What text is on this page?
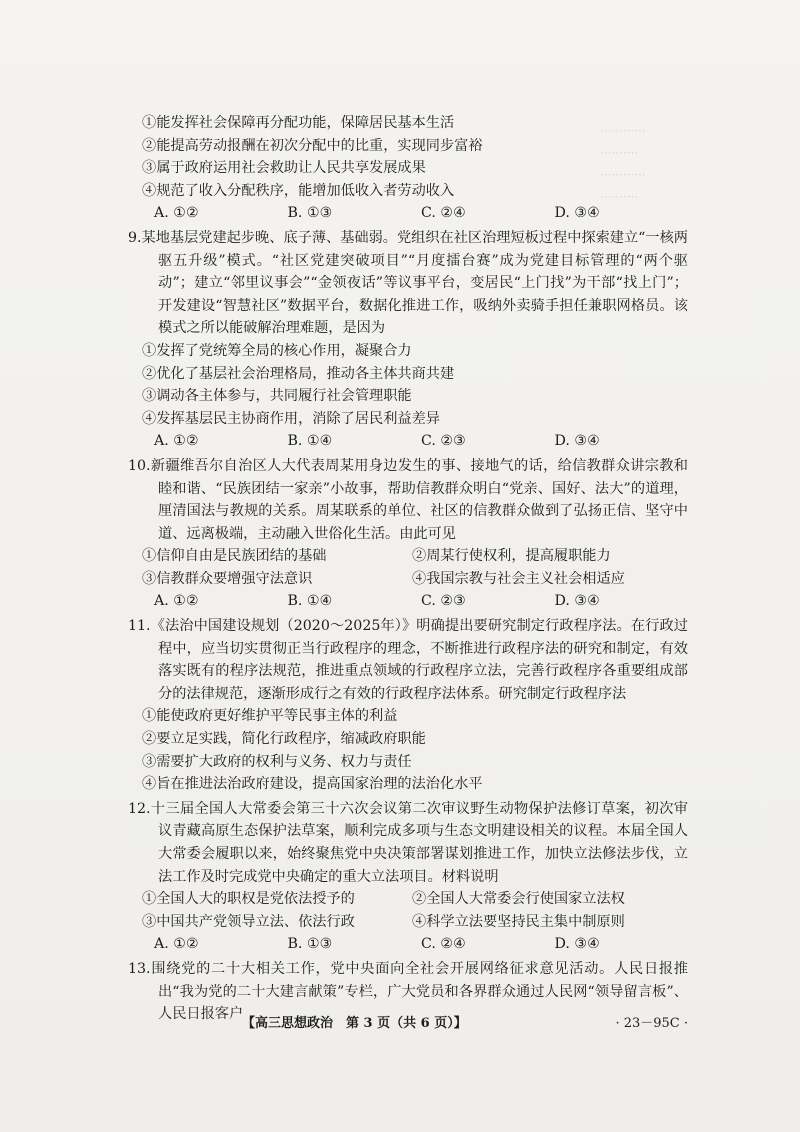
············
··········
············
··········
①能发挥社会保障再分配功能，保障居民基本生活
②能提高劳动报酬在初次分配中的比重，实现同步富裕
③属于政府运用社会救助让人民共享发展成果
④规范了收入分配秩序，能增加低收入者劳动收入
A. ①②	B. ①③	C. ②④	D. ③④
9.某地基层党建起步晚、底子薄、基础弱。党组织在社区治理短板过程中探索建立“一核两驱五升级”模式。“社区党建突破项目”“月度擂台赛”成为党建目标管理的“两个驱动”；建立“邻里议事会”“金领夜话”等议事平台，变居民“上门找”为干部“找上门”；开发建设“智慧社区”数据平台，数据化推进工作，吸纳外卖骑手担任兼职网格员。该模式之所以能破解治理难题，是因为
①发挥了党统筹全局的核心作用，凝聚合力
②优化了基层社会治理格局，推动各主体共商共建
③调动各主体参与，共同履行社会管理职能
④发挥基层民主协商作用，消除了居民利益差异
A. ①②	B. ①④	C. ②③	D. ③④
10.新疆维吾尔自治区人大代表周某用身边发生的事、接地气的话，给信教群众讲宗教和睦和谐、“民族团结一家亲”小故事，帮助信教群众明白“党亲、国好、法大”的道理，厘清国法与教规的关系。周某联系的单位、社区的信教群众做到了弘扬正信、坚守中道、远离极端，主动融入世俗化生活。由此可见
①信仰自由是民族团结的基础	②周某行使权利，提高履职能力
③信教群众要增强守法意识	④我国宗教与社会主义社会相适应
A. ①②	B. ①④	C. ②③	D. ③④
11.《法治中国建设规划（2020～2025年）》明确提出要研究制定行政程序法。在行政过程中，应当切实贯彻正当行政程序的理念，不断推进行政程序法的研究和制定，有效落实既有的程序法规范，推进重点领域的行政程序立法，完善行政程序各重要组成部分的法律规范，逐渐形成行之有效的行政程序法体系。研究制定行政程序法
①能使政府更好维护平等民事主体的利益
②要立足实践，简化行政程序，缩减政府职能
③需要扩大政府的权利与义务、权力与责任
④旨在推进法治政府建设，提高国家治理的法治化水平
12.十三届全国人大常委会第三十六次会议第二次审议野生动物保护法修订草案，初次审议青藏高原生态保护法草案，顺利完成多项与生态文明建设相关的议程。本届全国人大常委会履职以来，始终聚焦党中央决策部署谋划推进工作，加快立法修法步伐，立法工作及时完成党中央确定的重大立法项目。材料说明
①全国人大的职权是党依法授予的	②全国人大常委会行使国家立法权
③中国共产党领导立法、依法行政	④科学立法要坚持民主集中制原则
A. ①②	B. ①③	C. ②④	D. ③④
13.围绕党的二十大相关工作，党中央面向全社会开展网络征求意见活动。人民日报推出“我为党的二十大建言献策”专栏，广大党员和各界群众通过人民网“领导留言板”、人民日报客户
【高三思想政治　第 3 页（共 6 页）】	· 23－95C ·
